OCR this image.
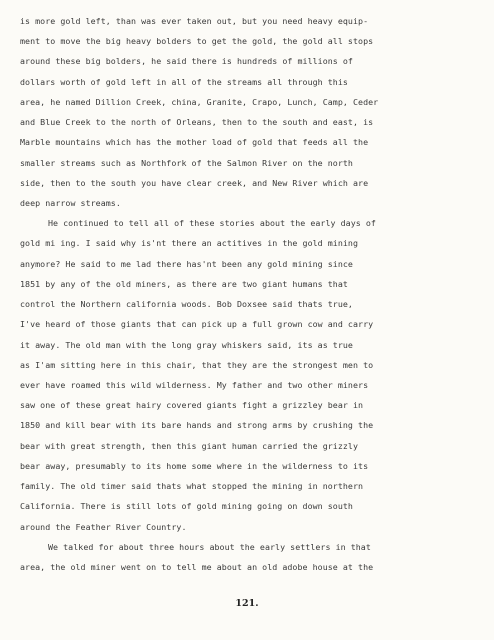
is more gold left, than was ever taken out, but you need heavy equip-
ment to move the big heavy bolders to get the gold, the gold all stops
around these big bolders, he said there is hundreds of millions of
dollars worth of gold left in all of the streams all through this
area, he named Dillion Creek, china, Granite, Crapo, Lunch, Camp, Ceder
and Blue Creek to the north of Orleans, then to the south and east, is
Marble mountains which has the mother load of gold that feeds all the
smaller streams such as Northfork of the Salmon River on the north
side, then to the south you have clear creek, and New River which are
deep narrow streams.
He continued to tell all of these stories about the early days of
gold mi ing. I said why is'nt there an actitives in the gold mining
anymore? He said to me lad there has'nt been any gold mining since
1851 by any of the old miners, as there are two giant humans that
control the Northern california woods. Bob Doxsee said thats true,
I've heard of those giants that can pick up a full grown cow and carry
it away. The old man with the long gray whiskers said, its as true
as I'am sitting here in this chair, that they are the strongest men to
ever have roamed this wild wilderness. My father and two other miners
saw one of these great hairy covered giants fight a grizzley bear in
1850 and kill bear with its bare hands and strong arms by crushing the
bear with great strength, then this giant human carried the grizzly
bear away, presumably to its home some where in the wilderness to its
family. The old timer said thats what stopped the mining in northern
California. There is still lots of gold mining going on down south
around the Feather River Country.
121.
We talked for about three hours about the early settlers in that
area, the old miner went on to tell me about an old adobe house at the
